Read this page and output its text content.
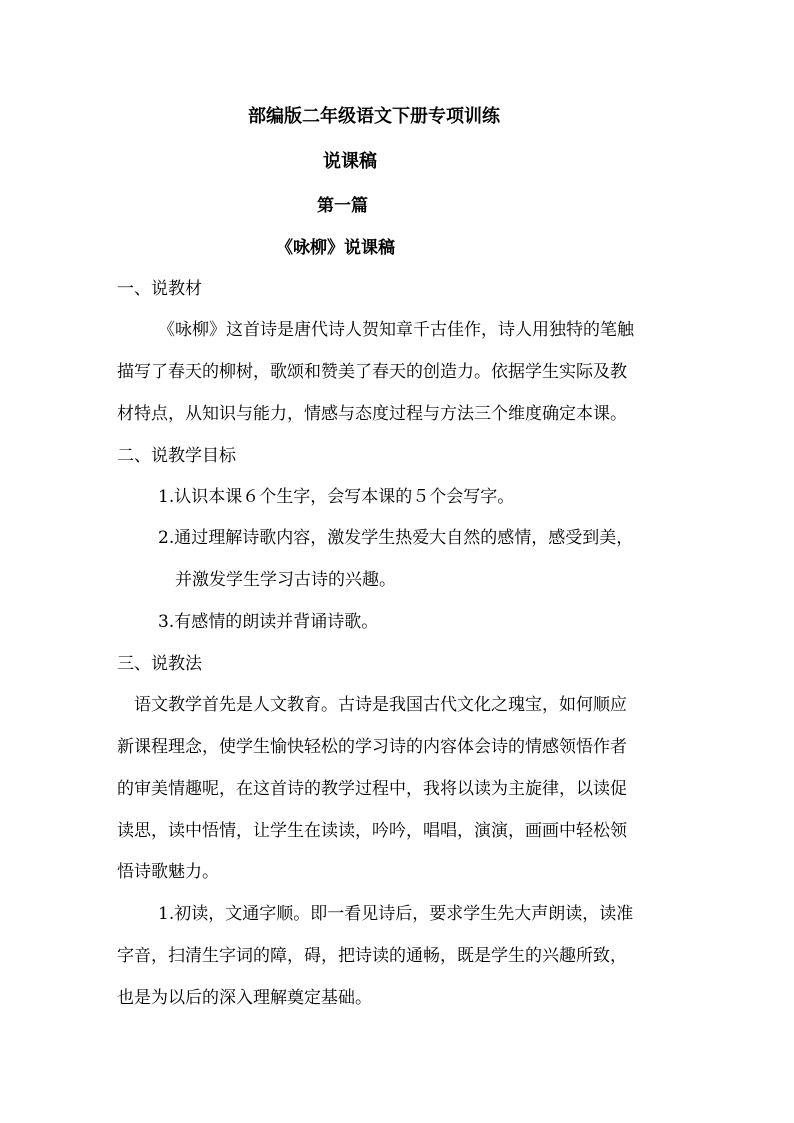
部编版二年级语文下册专项训练
说课稿
第一篇
《咏柳》说课稿
一、说教材
《咏柳》这首诗是唐代诗人贺知章千古佳作，诗人用独特的笔触
描写了春天的柳树，歌颂和赞美了春天的创造力。依据学生实际及教
材特点，从知识与能力，情感与态度过程与方法三个维度确定本课。
二、说教学目标
1.认识本课６个生字，会写本课的５个会写字。
2.通过理解诗歌内容，激发学生热爱大自然的感情，感受到美，
并激发学生学习古诗的兴趣。
3.有感情的朗读并背诵诗歌。
三、说教法
语文教学首先是人文教育。古诗是我国古代文化之瑰宝，如何顺应
新课程理念，使学生愉快轻松的学习诗的内容体会诗的情感领悟作者
的审美情趣呢，在这首诗的教学过程中，我将以读为主旋律，以读促
读思，读中悟情，让学生在读读，吟吟，唱唱，演演，画画中轻松领
悟诗歌魅力。
1.初读，文通字顺。即一看见诗后，要求学生先大声朗读，读准
字音，扫清生字词的障，碍，把诗读的通畅，既是学生的兴趣所致，
也是为以后的深入理解奠定基础。
